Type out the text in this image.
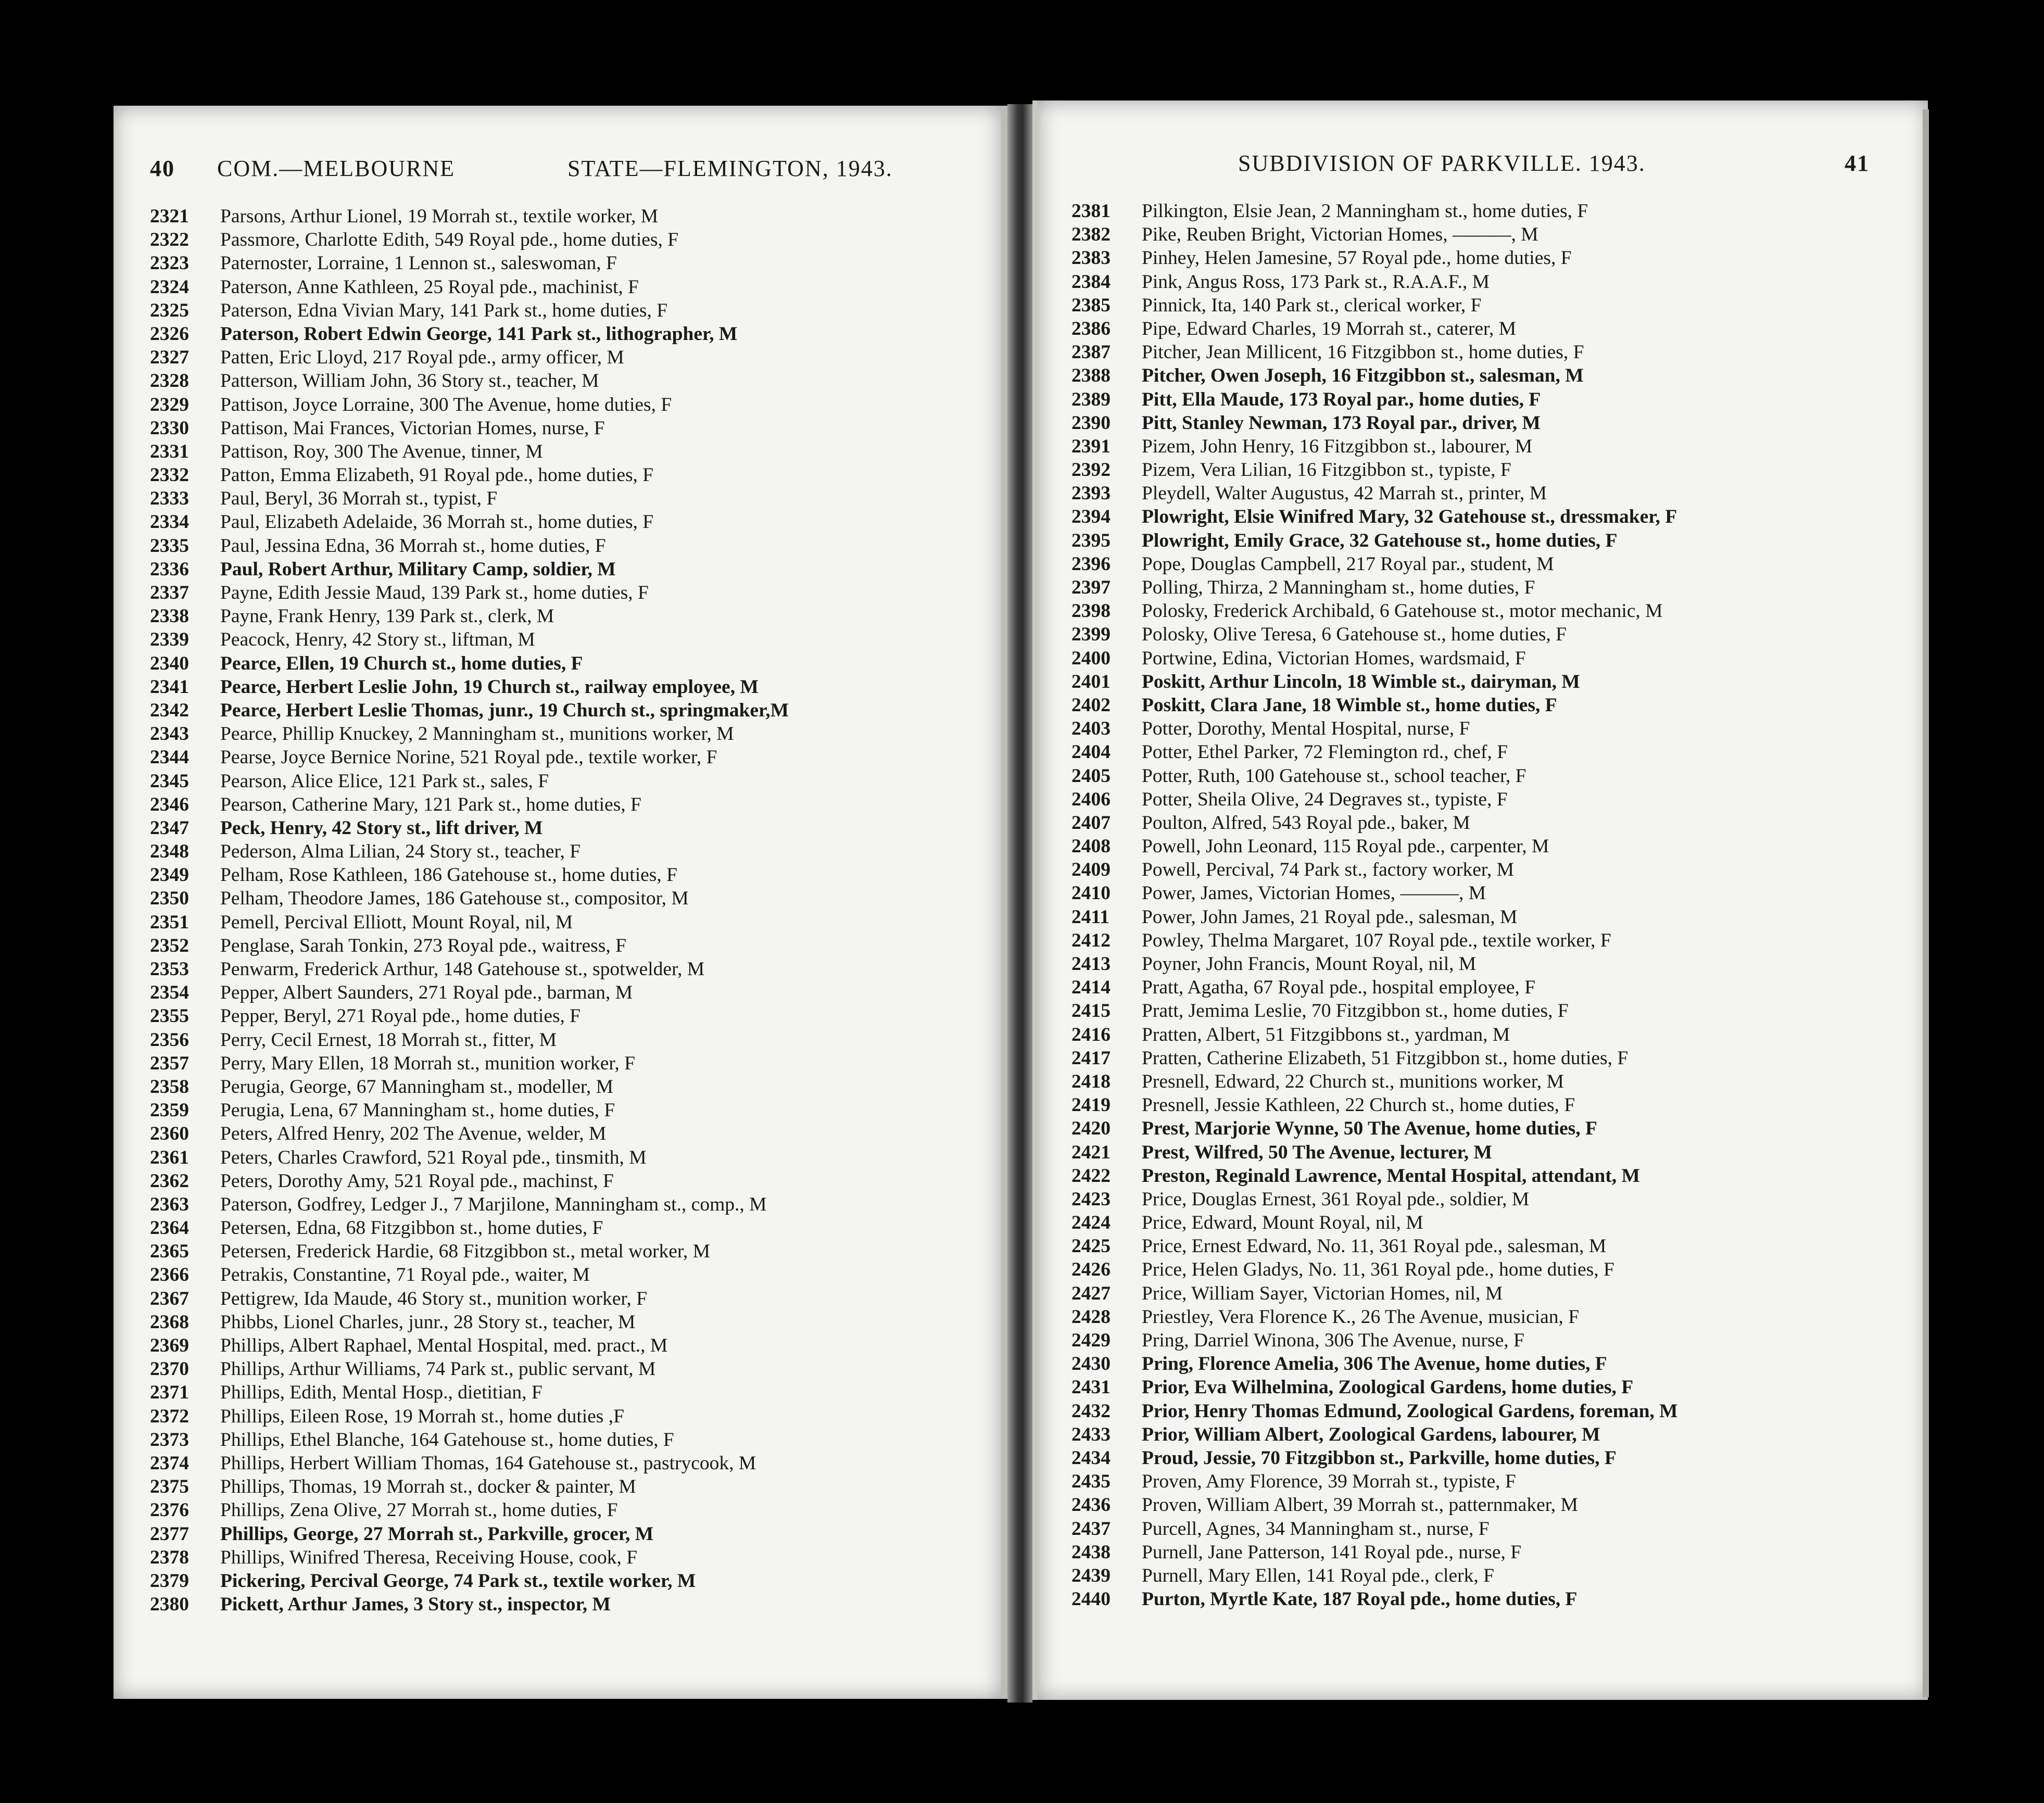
40 COM.—MELBOURNE	STATE—FLEMINGTON, 1943.
2321 Parsons, Arthur Lionel, 19 Morrah st., textile worker, M
2322 Passmore, Charlotte Edith, 549 Royal pde., home duties, F
2323 Paternoster, Lorraine, 1 Lennon st., saleswoman, F
2324 Paterson, Anne Kathleen, 25 Royal pde., machinist, F
2325 Paterson, Edna Vivian Mary, 141 Park st., home duties, F
2326 Paterson, Robert Edwin George, 141 Park st., lithographer, M
2327 Patten, Eric Lloyd, 217 Royal pde., army officer, M
2328 Patterson, William John, 36 Story st., teacher, M
2329 Pattison, Joyce Lorraine, 300 The Avenue, home duties, F
2330 Pattison, Mai Frances, Victorian Homes, nurse, F
2331 Pattison, Roy, 300 The Avenue, tinner, M
2332 Patton, Emma Elizabeth, 91 Royal pde., home duties, F
2333 Paul, Beryl, 36 Morrah st., typist, F
2334 Paul, Elizabeth Adelaide, 36 Morrah st., home duties, F
2335 Paul, Jessina Edna, 36 Morrah st., home duties, F
2336 Paul, Robert Arthur, Military Camp, soldier, M
2337 Payne, Edith Jessie Maud, 139 Park st., home duties, F
2338 Payne, Frank Henry, 139 Park st., clerk, M
2339 Peacock, Henry, 42 Story st., liftman, M
2340 Pearce, Ellen, 19 Church st., home duties, F
2341 Pearce, Herbert Leslie John, 19 Church st., railway employee, M
2342 Pearce, Herbert Leslie Thomas, junr., 19 Church st., springmaker,M
2343 Pearce, Phillip Knuckey, 2 Manningham st., munitions worker, M
2344 Pearse, Joyce Bernice Norine, 521 Royal pde., textile worker, F
2345 Pearson, Alice Elice, 121 Park st., sales, F
2346 Pearson, Catherine Mary, 121 Park st., home duties, F
2347 Peck, Henry, 42 Story st., lift driver, M
2348 Pederson, Alma Lilian, 24 Story st., teacher, F
2349 Pelham, Rose Kathleen, 186 Gatehouse st., home duties, F
2350 Pelham, Theodore James, 186 Gatehouse st., compositor, M
2351 Pemell, Percival Elliott, Mount Royal, nil, M
2352 Penglase, Sarah Tonkin, 273 Royal pde., waitress, F
2353 Penwarm, Frederick Arthur, 148 Gatehouse st., spotwelder, M
2354 Pepper, Albert Saunders, 271 Royal pde., barman, M
2355 Pepper, Beryl, 271 Royal pde., home duties, F
2356 Perry, Cecil Ernest, 18 Morrah st., fitter, M
2357 Perry, Mary Ellen, 18 Morrah st., munition worker, F
2358 Perugia, George, 67 Manningham st., modeller, M
2359 Perugia, Lena, 67 Manningham st., home duties, F
2360 Peters, Alfred Henry, 202 The Avenue, welder, M
2361 Peters, Charles Crawford, 521 Royal pde., tinsmith, M
2362 Peters, Dorothy Amy, 521 Royal pde., machinst, F
2363 Paterson, Godfrey, Ledger J., 7 Marjilone, Manningham st., comp., M
2364 Petersen, Edna, 68 Fitzgibbon st., home duties, F
2365 Petersen, Frederick Hardie, 68 Fitzgibbon st., metal worker, M
2366 Petrakis, Constantine, 71 Royal pde., waiter, M
2367 Pettigrew, Ida Maude, 46 Story st., munition worker, F
2368 Phibbs, Lionel Charles, junr., 28 Story st., teacher, M
2369 Phillips, Albert Raphael, Mental Hospital, med. pract., M
2370 Phillips, Arthur Williams, 74 Park st., public servant, M
2371 Phillips, Edith, Mental Hosp., dietitian, F
2372 Phillips, Eileen Rose, 19 Morrah st., home duties ,F
2373 Phillips, Ethel Blanche, 164 Gatehouse st., home duties, F
2374 Phillips, Herbert William Thomas, 164 Gatehouse st., pastrycook, M
2375 Phillips, Thomas, 19 Morrah st., docker & painter, M
2376 Phillips, Zena Olive, 27 Morrah st., home duties, F
2377 Phillips, George, 27 Morrah st., Parkville, grocer, M
2378 Phillips, Winifred Theresa, Receiving House, cook, F
2379 Pickering, Percival George, 74 Park st., textile worker, M
2380 Pickett, Arthur James, 3 Story st., inspector, M
SUBDIVISION OF PARKVILLE. 1943.	41
2381 Pilkington, Elsie Jean, 2 Manningham st., home duties, F
2382 Pike, Reuben Bright, Victorian Homes, ———, M
2383 Pinhey, Helen Jamesine, 57 Royal pde., home duties, F
2384 Pink, Angus Ross, 173 Park st., R.A.A.F., M
2385 Pinnick, Ita, 140 Park st., clerical worker, F
2386 Pipe, Edward Charles, 19 Morrah st., caterer, M
2387 Pitcher, Jean Millicent, 16 Fitzgibbon st., home duties, F
2388 Pitcher, Owen Joseph, 16 Fitzgibbon st., salesman, M
2389 Pitt, Ella Maude, 173 Royal par., home duties, F
2390 Pitt, Stanley Newman, 173 Royal par., driver, M
2391 Pizem, John Henry, 16 Fitzgibbon st., labourer, M
2392 Pizem, Vera Lilian, 16 Fitzgibbon st., typiste, F
2393 Pleydell, Walter Augustus, 42 Marrah st., printer, M
2394 Plowright, Elsie Winifred Mary, 32 Gatehouse st., dressmaker, F
2395 Plowright, Emily Grace, 32 Gatehouse st., home duties, F
2396 Pope, Douglas Campbell, 217 Royal par., student, M
2397 Polling, Thirza, 2 Manningham st., home duties, F
2398 Polosky, Frederick Archibald, 6 Gatehouse st., motor mechanic, M
2399 Polosky, Olive Teresa, 6 Gatehouse st., home duties, F
2400 Portwine, Edina, Victorian Homes, wardsmaid, F
2401 Poskitt, Arthur Lincoln, 18 Wimble st., dairyman, M
2402 Poskitt, Clara Jane, 18 Wimble st., home duties, F
2403 Potter, Dorothy, Mental Hospital, nurse, F
2404 Potter, Ethel Parker, 72 Flemington rd., chef, F
2405 Potter, Ruth, 100 Gatehouse st., school teacher, F
2406 Potter, Sheila Olive, 24 Degraves st., typiste, F
2407 Poulton, Alfred, 543 Royal pde., baker, M
2408 Powell, John Leonard, 115 Royal pde., carpenter, M
2409 Powell, Percival, 74 Park st., factory worker, M
2410 Power, James, Victorian Homes, ———, M
2411 Power, John James, 21 Royal pde., salesman, M
2412 Powley, Thelma Margaret, 107 Royal pde., textile worker, F
2413 Poyner, John Francis, Mount Royal, nil, M
2414 Pratt, Agatha, 67 Royal pde., hospital employee, F
2415 Pratt, Jemima Leslie, 70 Fitzgibbon st., home duties, F
2416 Pratten, Albert, 51 Fitzgibbons st., yardman, M
2417 Pratten, Catherine Elizabeth, 51 Fitzgibbon st., home duties, F
2418 Presnell, Edward, 22 Church st., munitions worker, M
2419 Presnell, Jessie Kathleen, 22 Church st., home duties, F
2420 Prest, Marjorie Wynne, 50 The Avenue, home duties, F
2421 Prest, Wilfred, 50 The Avenue, lecturer, M
2422 Preston, Reginald Lawrence, Mental Hospital, attendant, M
2423 Price, Douglas Ernest, 361 Royal pde., soldier, M
2424 Price, Edward, Mount Royal, nil, M
2425 Price, Ernest Edward, No. 11, 361 Royal pde., salesman, M
2426 Price, Helen Gladys, No. 11, 361 Royal pde., home duties, F
2427 Price, William Sayer, Victorian Homes, nil, M
2428 Priestley, Vera Florence K., 26 The Avenue, musician, F
2429 Pring, Darriel Winona, 306 The Avenue, nurse, F
2430 Pring, Florence Amelia, 306 The Avenue, home duties, F
2431 Prior, Eva Wilhelmina, Zoological Gardens, home duties, F
2432 Prior, Henry Thomas Edmund, Zoological Gardens, foreman, M
2433 Prior, William Albert, Zoological Gardens, labourer, M
2434 Proud, Jessie, 70 Fitzgibbon st., Parkville, home duties, F
2435 Proven, Amy Florence, 39 Morrah st., typiste, F
2436 Proven, William Albert, 39 Morrah st., patternmaker, M
2437 Purcell, Agnes, 34 Manningham st., nurse, F
2438 Purnell, Jane Patterson, 141 Royal pde., nurse, F
2439 Purnell, Mary Ellen, 141 Royal pde., clerk, F
2440 Purton, Myrtle Kate, 187 Royal pde., home duties, F
